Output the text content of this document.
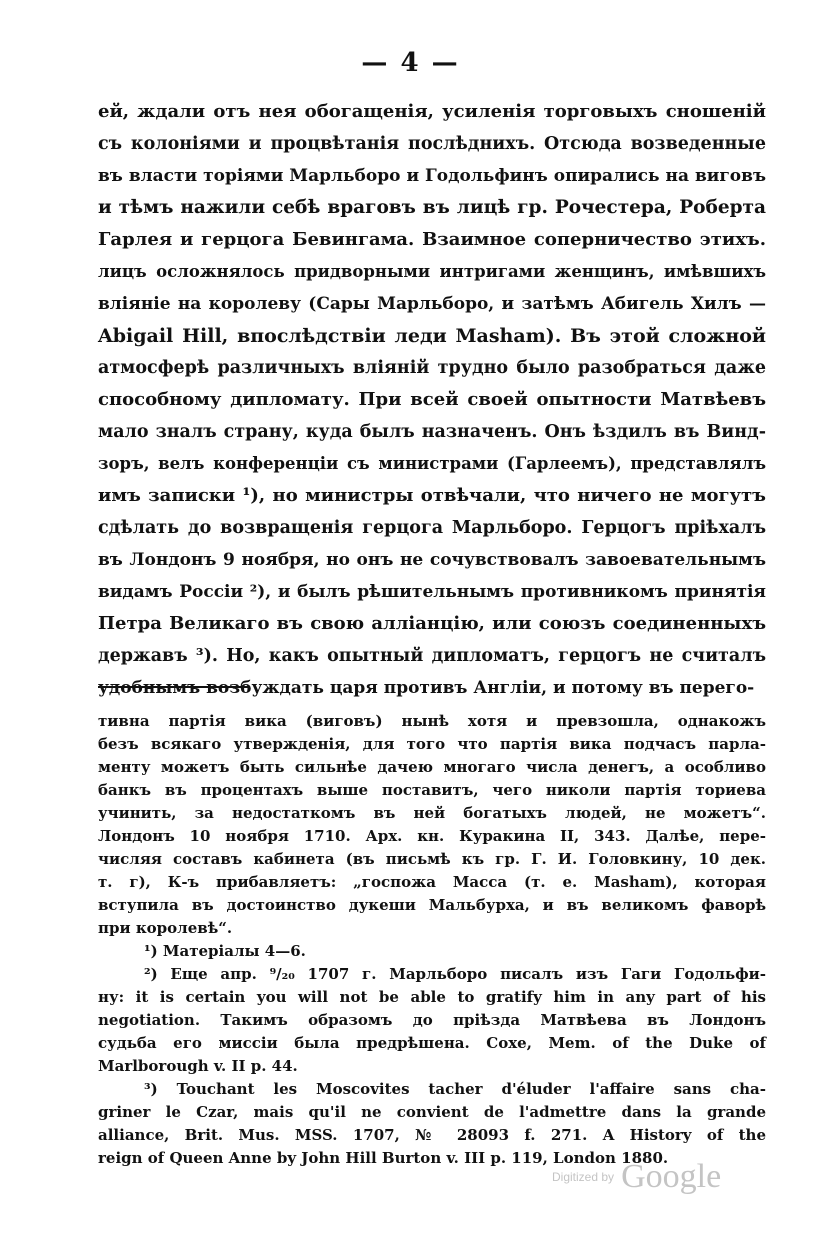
— 4 —
ей, ждали отъ нея обогащенія, усиленія торговыхъ сношеній
съ колоніями и процвѣтанія послѣднихъ. Отсюда возведенные
въ власти торіями Марльборо и Годольфинъ опирались на виговъ
и тѣмъ нажили себѣ враговъ въ лицѣ гр. Рочестера, Роберта
Гарлея и герцога Бевингама. Взаимное соперничество этихъ.
лицъ осложнялось придворными интригами женщинъ, имѣвшихъ
вліяніе на королеву (Сары Марльборо, и затѣмъ Абигель Хилъ —
Abigail Hill, впослѣдствіи леди Masham). Въ этой сложной
атмосферѣ различныхъ вліяній трудно было разобраться даже
способному дипломату. При всей своей опытности Матвѣевъ
мало зналъ страну, куда былъ назначенъ. Онъ ѣздилъ въ Винд-
зоръ, велъ конференціи съ министрами (Гарлеемъ), представлялъ
имъ записки ¹), но министры отвѣчали, что ничего не могутъ
сдѣлать до возвращенія герцога Марльборо. Герцогъ пріѣхалъ
въ Лондонъ 9 ноября, но онъ не сочувствовалъ завоевательнымъ
видамъ Россіи ²), и былъ рѣшительнымъ противникомъ принятія
Петра Великаго въ свою алліанцію, или союзъ соединенныхъ
державъ ³). Но, какъ опытный дипломатъ, герцогъ не считалъ
удобнымъ возбуждать царя противъ Англіи, и потому въ перего-
тивна партія вика (виговъ) нынѣ хотя и превзошла, однакожъ
безъ всякаго утвержденія, для того что партія вика подчасъ парла-
менту можетъ быть сильнѣе дачею многаго числа денегъ, а особливо
банкъ въ процентахъ выше поставитъ, чего николи партія ториева
учинить, за недостаткомъ въ ней богатыхъ людей, не можетъ“.
Лондонъ 10 ноября 1710. Арх. кн. Куракина II, 343. Далѣе, пере-
числяя составъ кабинета (въ письмѣ къ гр. Г. И. Головкину, 10 дек.
т. г), К-ъ прибавляетъ: „госпожа Масса (т. е. Masham), которая
вступила въ достоинство дукеши Мальбурха, и въ великомъ фаворѣ
при королевѣ“.
¹) Матеріалы 4—6.
²) Еще апр. ⁹/₂₀ 1707 г. Марльборо писалъ изъ Гаги Годольфи-
ну: it is certain you will not be able to gratify him in any part of his
negotiation. Такимъ образомъ до пріѣзда Матвѣева въ Лондонъ
судьба его миссіи была предрѣшена. Coxe, Mem. of the Duke of
Marlborough v. II p. 44.
³) Touchant les Moscovites tacher d'éluder l'affaire sans cha-
griner le Czar, mais qu'il ne convient de l'admettre dans la grande
alliance, Brit. Mus. MSS. 1707, № 28093 f. 271. A History of the
reign of Queen Anne by John Hill Burton v. III p. 119, London 1880.
Digitized by Google
